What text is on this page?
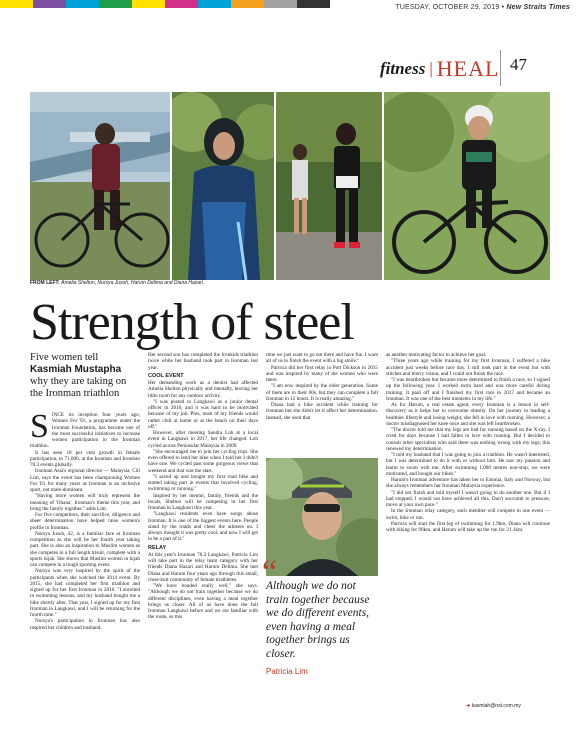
TUESDAY, OCTOBER 29, 2019 • New Straits Times
fitness | HEAL 47
FROM LEFT: Amelia Shelton, Nursya Jusoh, Harum Delima and Diana Hazari.
Strength of steel
Five women tell
Kasmiah Mustapha
why they are taking on the Ironman triathlon

SINCE its inception four years ago, Women For Tri, a programme under the Ironman Foundation, has become one of the most successful initiatives to increase women participation in the Ironman triathlon.

It has seen 18 per cent growth in female participation, to 71,000, at the Ironman and Ironman 70.3 events globally.

Ironman Asia's regional director — Malaysia, Cill Lim, says the event has been championing Women For Tri for many years as Ironman is an inclusive sport, not male-dominant.

"Having more women will truly represent the meaning of 'Ohana', Ironman's theme this year, and bring the family together," adds Lim.

For five competitors, their sacrifice, diligence and sheer determination have helped raise women's profile in Ironman.

Nursya Jusoh, 42, is a familiar face at Ironman competition as she will be her fourth year taking part. She is also an inspiration to Muslim women as she competes in a full length trisuit, complete with a sports hijab. She shows that Muslim women in hijab can compete in a tough sporting event.

Nursya was very inspired by the spirit of the participants when she watched the 2014 event. By 2015, she had completed her first triathlon and signed up for her first Ironman in 2016. "I enrolled in swimming lessons, and my husband bought me a bike shortly after. That year, I signed up for my first Ironman in Langkawi, and I will be returning for the fourth time."

Nursya's participation in Ironman has also inspired her children and husband.

Her second son has completed the Ironkids triathlon twice while her husband took part in Ironman last year.

COOL EVENT

Her demanding work as a dentist had affected Amelia Shelton physically and mentally, leaving her little room for any outdoor activity.

"I was posted to Langkawi as a junior dental officer in 2016, and it was hard to be motivated because of my job. Plus, most of my friends would rather chill at home or at the beach on their days off."

However, after meeting Sandra Loh at a local event in Langkawi in 2017, her life changed. Loh cycled across Peninsular Malaysia in 2009.

"She encouraged me to join her cycling trips. She even offered to lend her bike when I told her I didn't have one. We cycled past some gorgeous views that weekend and that was the start.

"I saved up and bought my first road bike and started taking part in events that involved cycling, swimming or running."

Inspired by her mentor, family, friends and the locals, Shelton will be competing in her first Ironman in Langkawi this year.

"Langkawi residents even have songs about Ironman. It is one of the biggest events here. People stand by the roads and cheer the athletes on. I always thought it was pretty cool, and now I will get to be a part of it."

RELAY

At this year's Ironman 70.3 Langkawi, Patricia Lim will take part in the relay team category with her friends Diana Hazari and Harum Delima. She met Diana and Harum four years ago through this small, close-knit community of female triathletes.

"We have bonded really well," she says. "Although we do not train together because we do different disciplines, even having a meal together brings us closer. All of us have done the full Ironman Langkawi before and we are familiar with the route, so this

time we just want to go out there and have fun. I want all of us to finish the event with a big smile."

Patricia did her first relay in Port Dickson in 2015 and was inspired by many of the women who were there.

"I am now inspired by the older generation. Some of them are in their 60s, but they can complete a full Ironman in 12 hours. It is really amazing."

Diana had a bike accident while training for Ironman but she didn't let it affect her determination. Instead, she used that

“
Although we do not train together because we do different events, even having a meal together brings us closer.
Patricia Lim

as another motivating factor to achieve her goal.

"Three years ago while training for my first Ironman, I suffered a bike accident just weeks before race day. I still took part in the event but with stitches and blurry vision, and I could not finish the race.

"I was heartbroken but became more determined to finish a race, so I signed up the following year. I worked extra hard and was more careful during training. It paid off and I finished my first race in 2017 and became an Ironman. It was one of the best moments in my life."

As for Harum, a real estate agent, every Ironman is a lesson in self-discovery as it helps her to overcome obesity. On her journey to leading a healthier lifestyle and losing weight, she fell in love with running. However, a doctor misdiagnosed her knee once and she was left heartbroken.

"The doctor told me that my legs are bad for running based on the X-ray. I cried for days because I had fallen in love with running. But I decided to consult other specialists who said there was nothing wrong with my legs; this renewed my determination.

"I told my husband that I was going to join a triathlon. He wasn't interested, but I was determined to do it with or without him. He saw my passion and learnt to swim with me. After swimming 1,000 metres non-stop, we were motivated, and bought our bikes."

Harum's Ironman adventure has taken her to Estonia, Italy and Norway, but she always remembers her Ironman Malaysia experience.

"I did not finish and told myself I wasn't going to do another one. But if I had stopped, I would not have achieved all this. Don't succumb to pressure, move at your own pace."

In the Ironman relay category, each member will compete in one event — swim, bike or run.

Patricia will start the first leg of swimming for 1.9km, Diana will continue with biking for 90km, and Harum will take up the run for 21.1km.

➜ kasmiah@nst.com.my
